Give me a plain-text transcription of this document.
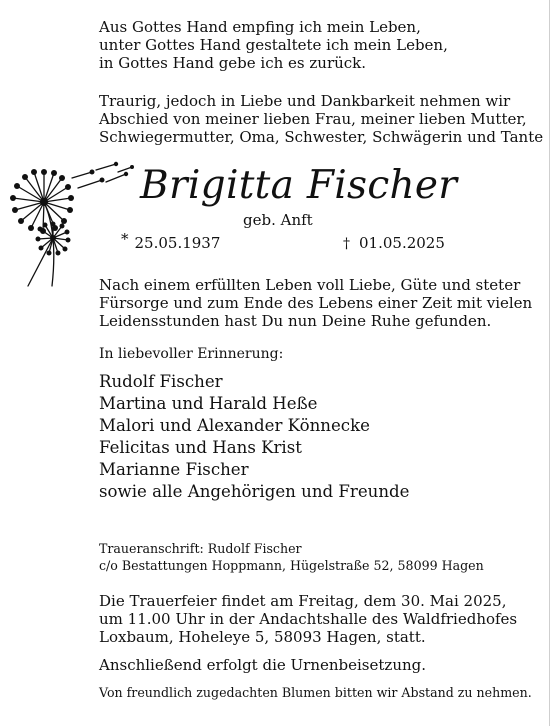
Aus Gottes Hand empfing ich mein Leben,
unter Gottes Hand gestaltete ich mein Leben,
in Gottes Hand gebe ich es zurück.
Traurig, jedoch in Liebe und Dankbarkeit nehmen wir
Abschied von meiner lieben Frau, meiner lieben Mutter,
Schwiegermutter, Oma, Schwester, Schwägerin und Tante
Brigitta Fischer
geb. Anft
* 25.05.1937	† 01.05.2025
Nach einem erfüllten Leben voll Liebe, Güte und steter
Fürsorge und zum Ende des Lebens einer Zeit mit vielen
Leidensstunden hast Du nun Deine Ruhe gefunden.
In liebevoller Erinnerung:
Rudolf Fischer
Martina und Harald Heße
Malori und Alexander Könnecke
Felicitas und Hans Krist
Marianne Fischer
sowie alle Angehörigen und Freunde
Traueranschrift: Rudolf Fischer
c/o Bestattungen Hoppmann, Hügelstraße 52, 58099 Hagen
Die Trauerfeier findet am Freitag, dem 30. Mai 2025,
um 11.00 Uhr in der Andachtshalle des Waldfriedhofes
Loxbaum, Hoheleye 5, 58093 Hagen, statt.
Anschließend erfolgt die Urnenbeisetzung.
Von freundlich zugedachten Blumen bitten wir Abstand zu nehmen.
